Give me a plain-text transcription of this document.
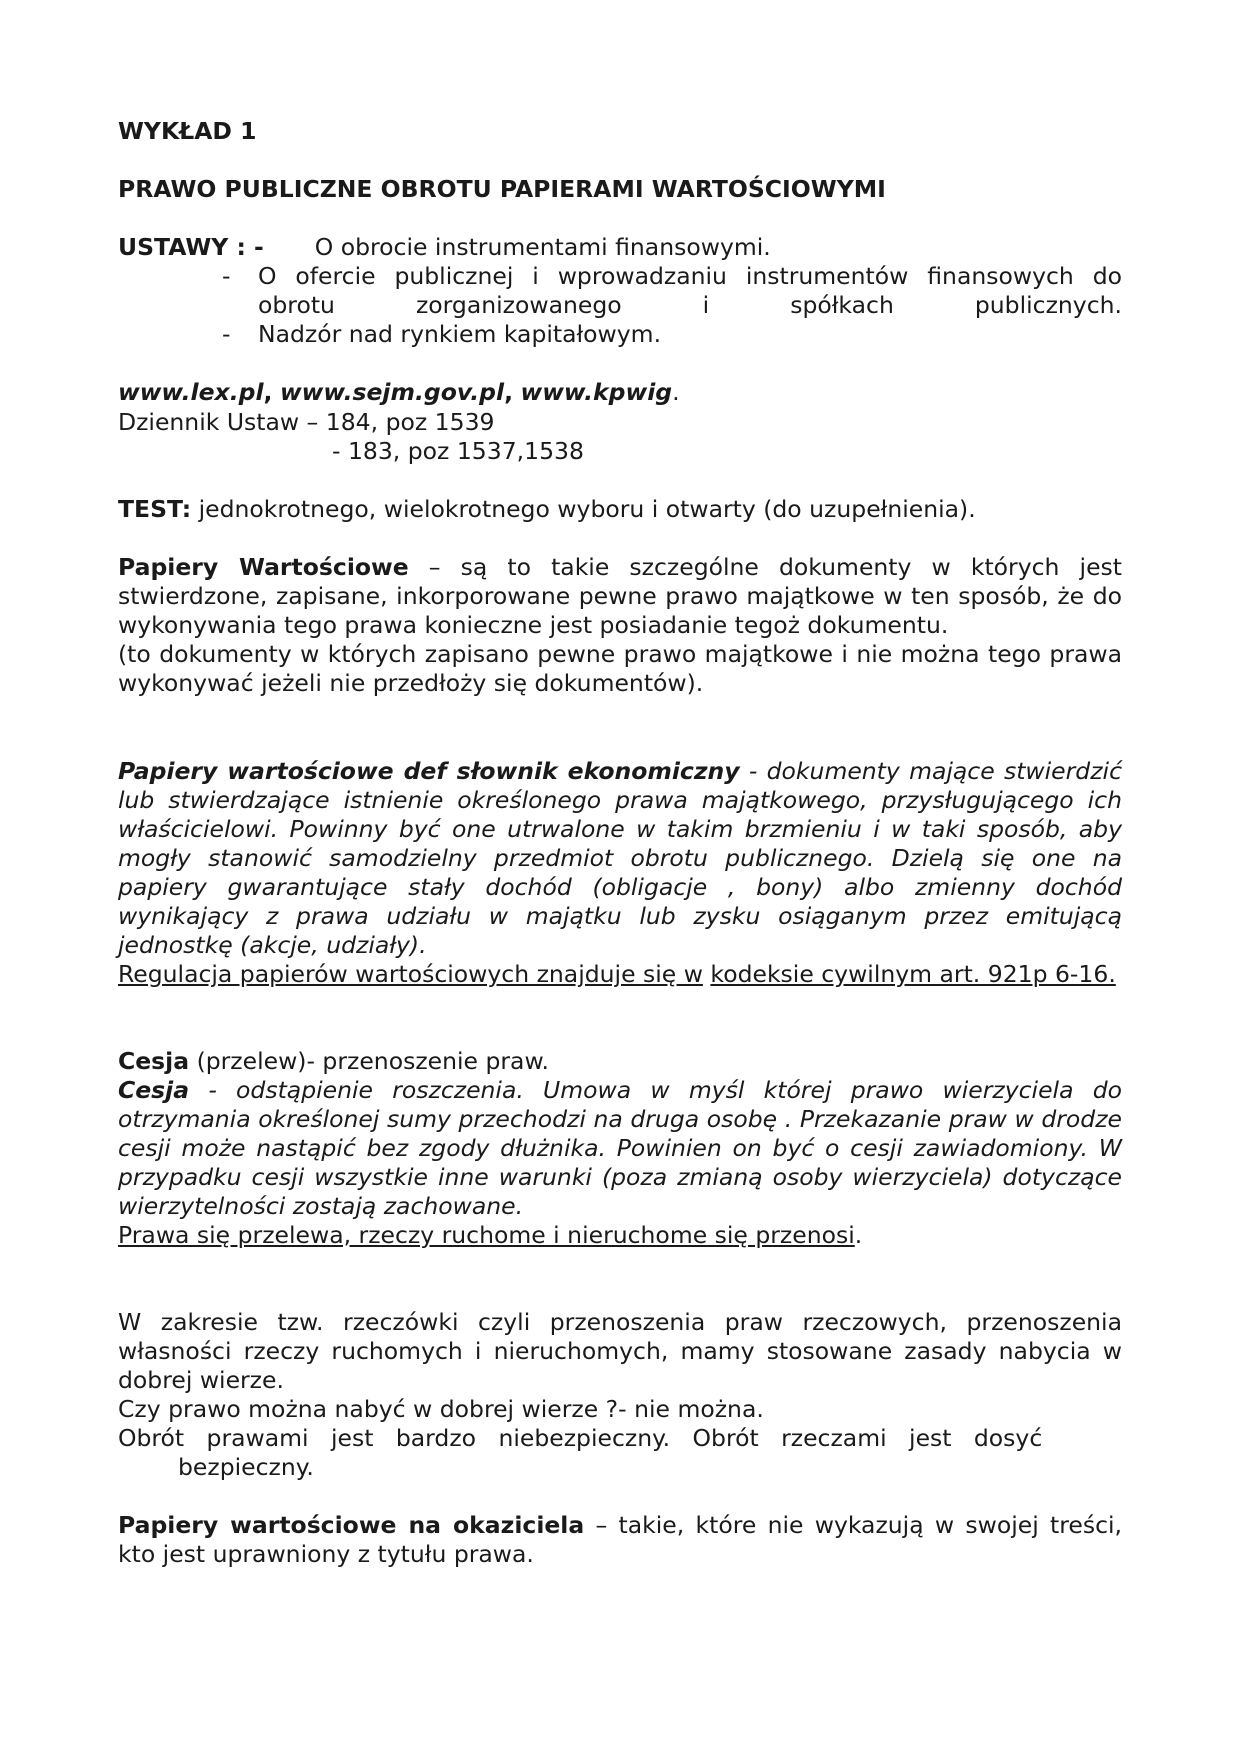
WYKŁAD 1
PRAWO PUBLICZNE OBROTU PAPIERAMI WARTOŚCIOWYMI
USTAWY : - O obrocie instrumentami finansowymi.
- O ofercie publicznej i wprowadzaniu instrumentów finansowych do obrotu zorganizowanego i spółkach publicznych.
- Nadzór nad rynkiem kapitałowym.
www.lex.pl, www.sejm.gov.pl, www.kpwig.
Dziennik Ustaw – 184, poz 1539
- 183, poz 1537,1538
TEST: jednokrotnego, wielokrotnego wyboru i otwarty (do uzupełnienia).
Papiery Wartościowe – są to takie szczególne dokumenty w których jest stwierdzone, zapisane, inkorporowane pewne prawo majątkowe w ten sposób, że do wykonywania tego prawa konieczne jest posiadanie tegoż dokumentu.
(to dokumenty w których zapisano pewne prawo majątkowe i nie można tego prawa wykonywać jeżeli nie przedłoży się dokumentów).
Papiery wartościowe def słownik ekonomiczny - dokumenty mające stwierdzić lub stwierdzające istnienie określonego prawa majątkowego, przysługującego ich właścicielowi. Powinny być one utrwalone w takim brzmieniu i w taki sposób, aby mogły stanowić samodzielny przedmiot obrotu publicznego. Dzielą się one na papiery gwarantujące stały dochód (obligacje , bony) albo zmienny dochód wynikający z prawa udziału w majątku lub zysku osiąganym przez emitującą jednostkę (akcje, udziały).
Regulacja papierów wartościowych znajduje się w kodeksie cywilnym art. 921p 6-16.
Cesja (przelew)- przenoszenie praw.
Cesja - odstąpienie roszczenia. Umowa w myśl której prawo wierzyciela do otrzymania określonej sumy przechodzi na druga osobę . Przekazanie praw w drodze cesji może nastąpić bez zgody dłużnika. Powinien on być o cesji zawiadomiony. W przypadku cesji wszystkie inne warunki (poza zmianą osoby wierzyciela) dotyczące wierzytelności zostają zachowane.
Prawa się przelewa, rzeczy ruchome i nieruchome się przenosi.
W zakresie tzw. rzeczówki czyli przenoszenia praw rzeczowych, przenoszenia własności rzeczy ruchomych i nieruchomych, mamy stosowane zasady nabycia w dobrej wierze.
Czy prawo można nabyć w dobrej wierze ?- nie można.
Obrót   prawami   jest   bardzo   niebezpieczny.   Obrót   rzeczami   jest   dosyć
bezpieczny.
Papiery wartościowe na okaziciela – takie, które nie wykazują w swojej treści, kto jest uprawniony z tytułu prawa.
